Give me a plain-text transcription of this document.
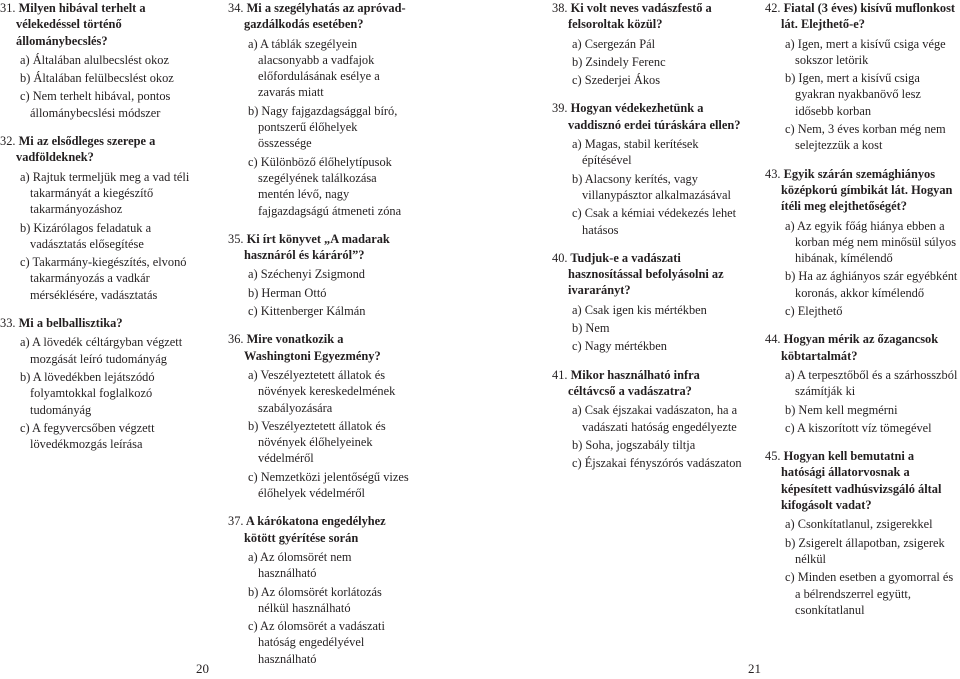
31. Milyen hibával terhelt a vélekedéssel történő állománybecslés?

a) Általában alulbecslést okoz

b) Általában felülbecslést okoz

c) Nem terhelt hibával, pontos állománybecslési módszer

32. Mi az elsődleges szerepe a vadföldeknek?

a) Rajtuk termeljük meg a vad téli takarmányát a kiegészítő takarmányozáshoz

b) Kizárólagos feladatuk a vadásztatás elősegítése

c) Takarmány-kiegészítés, elvonó takarmányozás a vadkár mérséklésére, vadásztatás

33. Mi a belballisztika?

a) A lövedék céltárgyban végzett mozgását leíró tudományág

b) A lövedékben lejátszódó folyamtokkal foglalkozó tudományág

c) A fegyvercsőben végzett lövedékmozgás leírása

34. Mi a szegélyhatás az apróvad-gazdálkodás esetében?

a) A táblák szegélyein alacsonyabb a vadfajok előfordulásának esélye a zavarás miatt

b) Nagy fajgazdagsággal bíró, pontszerű élőhelyek összessége

c) Különböző élőhelytípusok szegélyének találkozása mentén lévő, nagy fajgazdagságú átmeneti zóna

35. Ki írt könyvet „A madarak hasznáról és káráról”?

a) Széchenyi Zsigmond

b) Herman Ottó

c) Kittenberger Kálmán

36. Mire vonatkozik a Washingtoni Egyezmény?

a) Veszélyeztetett állatok és növények kereskedelmének szabályozására

b) Veszélyeztetett állatok és növények élőhelyeinek védelméről

c) Nemzetközi jelentőségű vizes élőhelyek védelméről

37. A kárókatona engedélyhez kötött gyérítése során

a) Az ólomsörét nem használható

b) Az ólomsörét korlátozás nélkül használható

c) Az ólomsörét a vadászati hatóság engedélyével használható

38. Ki volt neves vadászfestő a felsoroltak közül?

a) Csergezán Pál

b) Zsindely Ferenc

c) Szederjei Ákos

39. Hogyan védekezhetünk a vaddisznó erdei túráskára ellen?

a) Magas, stabil kerítések építésével

b) Alacsony kerítés, vagy villanypásztor alkalmazásával

c) Csak a kémiai védekezés lehet hatásos

40. Tudjuk-e a vadászati hasznosítással befolyásolni az ivararányt?

a) Csak igen kis mértékben

b) Nem

c) Nagy mértékben

41. Mikor használható infra céltávcső a vadászatra?

a) Csak éjszakai vadászaton, ha a vadászati hatóság engedélyezte

b) Soha, jogszabály tiltja

c) Éjszakai fényszórós vadászaton

42. Fiatal (3 éves) kisívű muflonkost lát. Elejthető-e?

a) Igen, mert a kisívű csiga vége sokszor letörik

b) Igen, mert a kisívű csiga gyakran nyakbanövő lesz idősebb korban

c) Nem, 3 éves korban még nem selejtezzük a kost

43. Egyik szárán szemághiányos középkorú gímbikát lát. Hogyan ítéli meg elejthetőségét?

a) Az egyik főág hiánya ebben a korban még nem minősül súlyos hibának, kímélendő

b) Ha az ághiányos szár egyébként koronás, akkor kímélendő

c) Elejthető

44. Hogyan mérik az őzagancsok köbtartalmát?

a) A terpesztőből és a szárhosszból számítják ki

b) Nem kell megmérni

c) A kiszorított víz tömegével

45. Hogyan kell bemutatni a hatósági állatorvosnak a képesített vadhúsvizsgáló által kifogásolt vadat?

a) Csonkítatlanul, zsigerekkel

b) Zsigerelt állapotban, zsigerek nélkül

c) Minden esetben a gyomorral és a bélrendszerrel együtt, csonkítatlanul

20	21
